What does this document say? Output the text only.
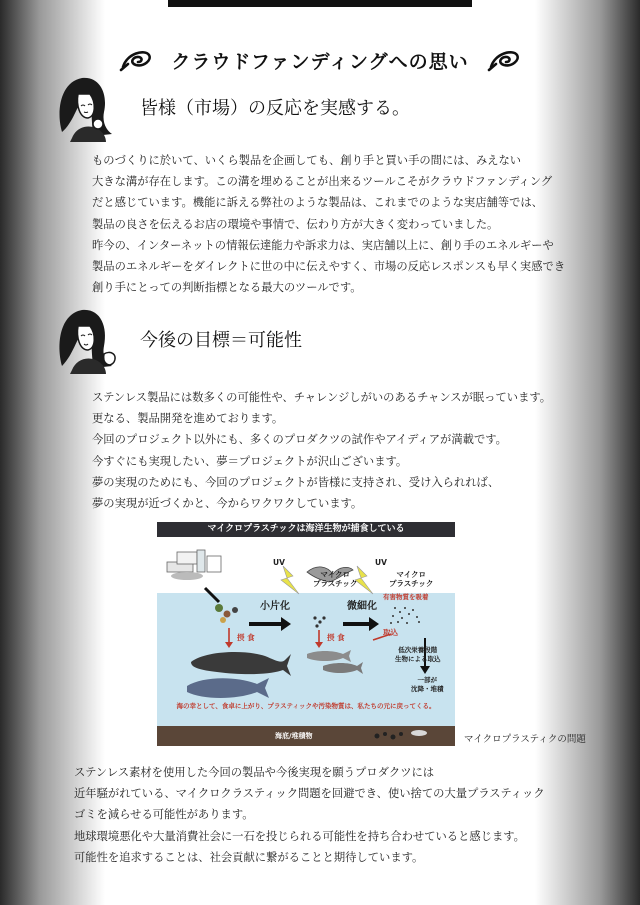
クラウドファンディングへの思い
皆様（市場）の反応を実感する。
ものづくりに於いて、いくら製品を企画しても、創り手と買い手の間には、みえない
大きな溝が存在します。この溝を埋めることが出来るツールこそがクラウドファンディング
だと感じています。機能に訴える弊社のような製品は、これまでのような実店舗等では、
製品の良さを伝えるお店の環境や事情で、伝わり方が大きく変わっていました。
昨今の、インターネットの情報伝達能力や訴求力は、実店舗以上に、創り手のエネルギーや
製品のエネルギーをダイレクトに世の中に伝えやすく、市場の反応レスポンスも早く実感でき
創り手にとっての判断指標となる最大のツールです。
今後の目標＝可能性
ステンレス製品には数多くの可能性や、チャレンジしがいのあるチャンスが眠っています。
更なる、製品開発を進めております。
今回のプロジェクト以外にも、多くのプロダクツの試作やアイディアが満載です。
今すぐにも実現したい、夢＝プロジェクトが沢山ございます。
夢の実現のためにも、今回のプロジェクトが皆様に支持され、受け入られれば、
夢の実現が近づくかと、今からワクワクしています。
マイクロプラスチックは海洋生物が捕食している
UV	UV
マイクロ
プラスチック
マイクロ
プラスチック
有害物質を吸着
小片化	微細化
摂 食	摂 食
取込
低次栄養段階
生物による取込
一部が
沈降・堆積
海の幸として、食卓に上がり、プラスティックや汚染物質は、私たちの元に戻ってくる。
海底/堆積物	マイクロプラスティクの問題
ステンレス素材を使用した今回の製品や今後実現を願うプロダクツには
近年騒がれている、マイクロクラスティック問題を回避でき、使い捨ての大量プラスティック
ゴミを減らせる可能性があります。
地球環境悪化や大量消費社会に一石を投じられる可能性を持ち合わせていると感じます。
可能性を追求することは、社会貢献に繋がることと期待しています。
